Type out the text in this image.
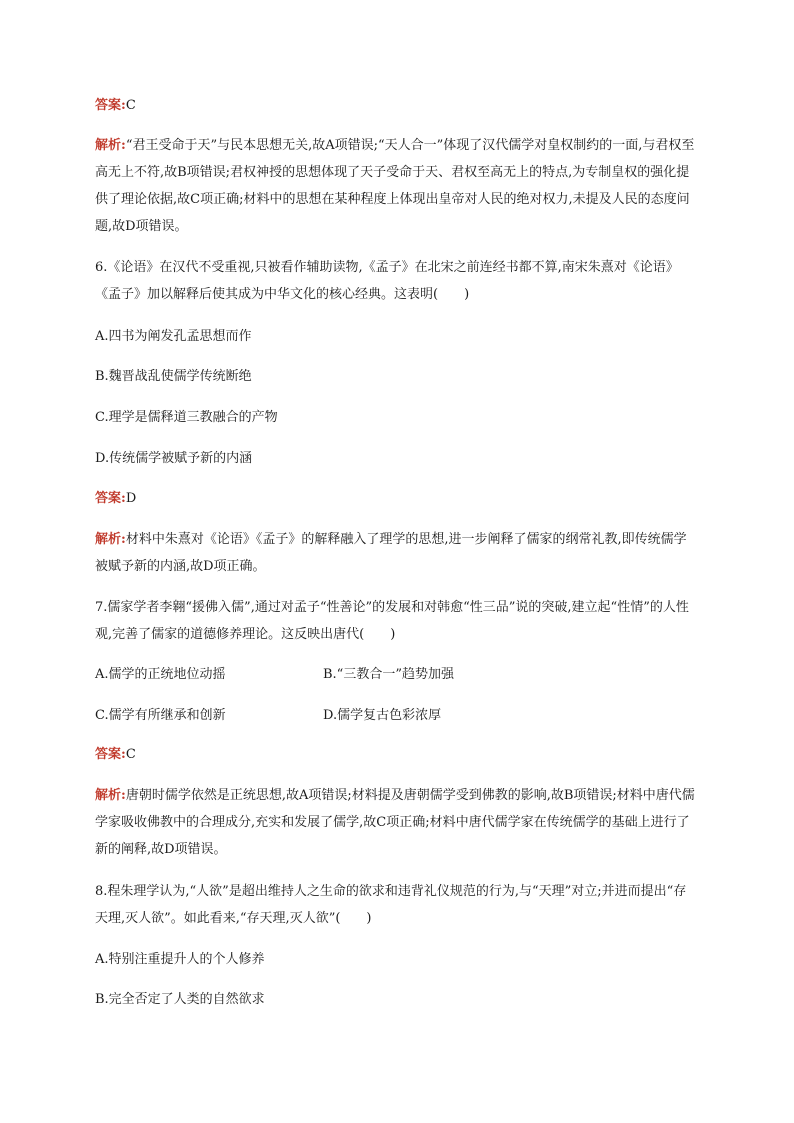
答案:C
解析:“君王受命于天”与民本思想无关,故A项错误;“天人合一”体现了汉代儒学对皇权制约的一面,与君权至高无上不符,故B项错误;君权神授的思想体现了天子受命于天、君权至高无上的特点,为专制皇权的强化提供了理论依据,故C项正确;材料中的思想在某种程度上体现出皇帝对人民的绝对权力,未提及人民的态度问题,故D项错误。
6.《论语》在汉代不受重视,只被看作辅助读物,《孟子》在北宋之前连经书都不算,南宋朱熹对《论语》《孟子》加以解释后使其成为中华文化的核心经典。这表明(　　)
A.四书为阐发孔孟思想而作
B.魏晋战乱使儒学传统断绝
C.理学是儒释道三教融合的产物
D.传统儒学被赋予新的内涵
答案:D
解析:材料中朱熹对《论语》《孟子》的解释融入了理学的思想,进一步阐释了儒家的纲常礼教,即传统儒学被赋予新的内涵,故D项正确。
7.儒家学者李翱“援佛入儒”,通过对孟子“性善论”的发展和对韩愈“性三品”说的突破,建立起“性情”的人性观,完善了儒家的道德修养理论。这反映出唐代(　　)
A.儒学的正统地位动摇	B.“三教合一”趋势加强
C.儒学有所继承和创新	D.儒学复古色彩浓厚
答案:C
解析:唐朝时儒学依然是正统思想,故A项错误;材料提及唐朝儒学受到佛教的影响,故B项错误;材料中唐代儒学家吸收佛教中的合理成分,充实和发展了儒学,故C项正确;材料中唐代儒学家在传统儒学的基础上进行了新的阐释,故D项错误。
8.程朱理学认为,“人欲”是超出维持人之生命的欲求和违背礼仪规范的行为,与“天理”对立;并进而提出“存天理,灭人欲”。如此看来,“存天理,灭人欲”(　　)
A.特别注重提升人的个人修养
B.完全否定了人类的自然欲求
